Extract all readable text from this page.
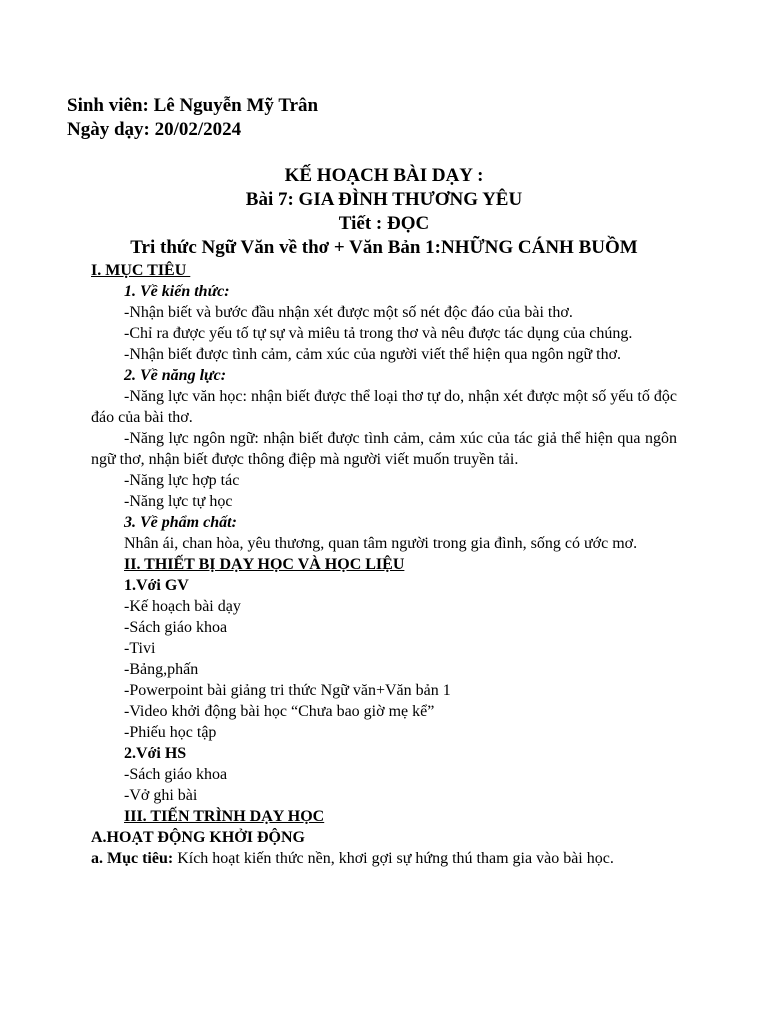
Sinh viên: Lê Nguyễn Mỹ Trân
Ngày dạy: 20/02/2024
KẾ HOẠCH BÀI DẠY :
Bài 7: GIA ĐÌNH THƯƠNG YÊU
Tiết : ĐỌC
Tri thức Ngữ Văn về thơ + Văn Bản 1:NHỮNG CÁNH BUỒM

I. MỤC TIÊU

1. Về kiến thức:

-Nhận biết và bước đầu nhận xét được một số nét độc đáo của bài thơ.

-Chỉ ra được yếu tố tự sự và miêu tả trong thơ và nêu được tác dụng của chúng.

-Nhận biết được tình cảm, cảm xúc của người viết thể hiện qua ngôn ngữ thơ.

2. Về năng lực:

-Năng lực văn học: nhận biết được thể loại thơ tự do, nhận xét được một số yếu tố độc đáo của bài thơ.

-Năng lực ngôn ngữ: nhận biết được tình cảm, cảm xúc của tác giả thể hiện qua ngôn ngữ thơ, nhận biết được thông điệp mà người viết muốn truyền tải.

-Năng lực hợp tác

-Năng lực tự học

3. Về phẩm chất:

Nhân ái, chan hòa, yêu thương, quan tâm người trong gia đình, sống có ước mơ.

II. THIẾT BỊ DẠY HỌC VÀ HỌC LIỆU

1.Với GV

-Kế hoạch bài dạy

-Sách giáo khoa

-Tivi

-Bảng,phấn

-Powerpoint bài giảng tri thức Ngữ văn+Văn bản 1

-Video khởi động bài học “Chưa bao giờ mẹ kể”

-Phiếu học tập

2.Với HS

-Sách giáo khoa

-Vở ghi bài

III. TIẾN TRÌNH DẠY HỌC

A.HOẠT ĐỘNG KHỞI ĐỘNG

a. Mục tiêu: Kích hoạt kiến thức nền, khơi gợi sự hứng thú tham gia vào bài học.
